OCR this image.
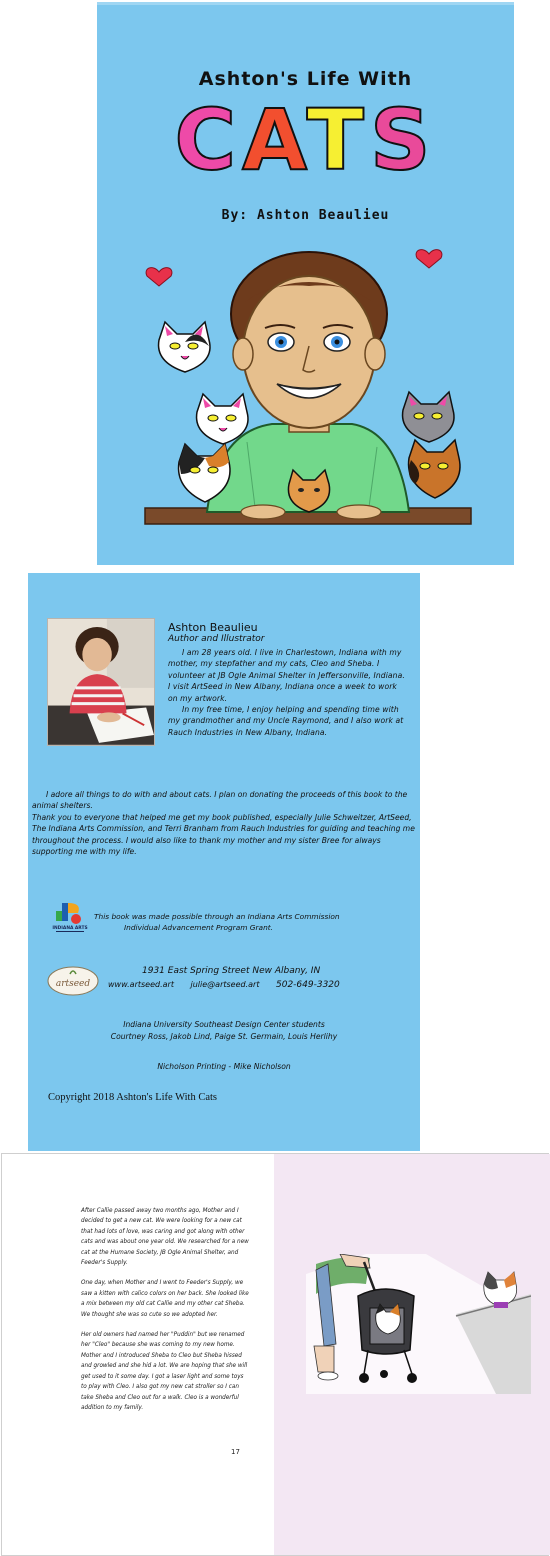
Ashton's Life With
CATS
By: Ashton Beaulieu
Ashton Beaulieu
Author and Illustrator

I am 28 years old. I live in Charlestown, Indiana with my mother, my stepfather and my cats, Cleo and Sheba. I volunteer at JB Ogle Animal Shelter in Jeffersonville, Indiana. I visit ArtSeed in New Albany, Indiana once a week to work on my artwork.

In my free time, I enjoy helping and spending time with my grandmother and my Uncle Raymond, and I also work at Rauch Industries in New Albany, Indiana.

I adore all things to do with and about cats. I plan on donating the proceeds of this book to the animal shelters.

Thank you to everyone that helped me get my book published, especially Julie Schweitzer, ArtSeed, The Indiana Arts Commission, and Terri Branham from Rauch Industries for guiding and teaching me throughout the process. I would also like to thank my mother and my sister Bree for always supporting me with my life.

INDIANA ARTS
This book was made possible through an Indiana Arts Commission
Individual Advancement Program Grant.
artseed
1931 East Spring Street New Albany, IN
www.artseed.art julie@artseed.art 502-649-3320
Indiana University Southeast Design Center students
Courtney Ross, Jakob Lind, Paige St. Germain, Louis Herlihy
Nicholson Printing - Mike Nicholson
Copyright 2018 Ashton's Life With Cats

After Callie passed away two months ago, Mother and I decided to get a new cat. We were looking for a new cat that had lots of love, was caring and got along with other cats and was about one year old. We researched for a new cat at the Humane Society, JB Ogle Animal Shelter, and Feeder's Supply.

One day, when Mother and I went to Feeder's Supply, we saw a kitten with calico colors on her back. She looked like a mix between my old cat Callie and my other cat Sheba. We thought she was so cute so we adopted her.

Her old owners had named her "Puddin" but we renamed her "Cleo" because she was coming to my new home. Mother and I introduced Sheba to Cleo but Sheba hissed and growled and she hid a lot. We are hoping that she will get used to it some day. I got a laser light and some toys to play with Cleo. I also got my new cat stroller so I can take Sheba and Cleo out for a walk. Cleo is a wonderful addition to my family.

17
